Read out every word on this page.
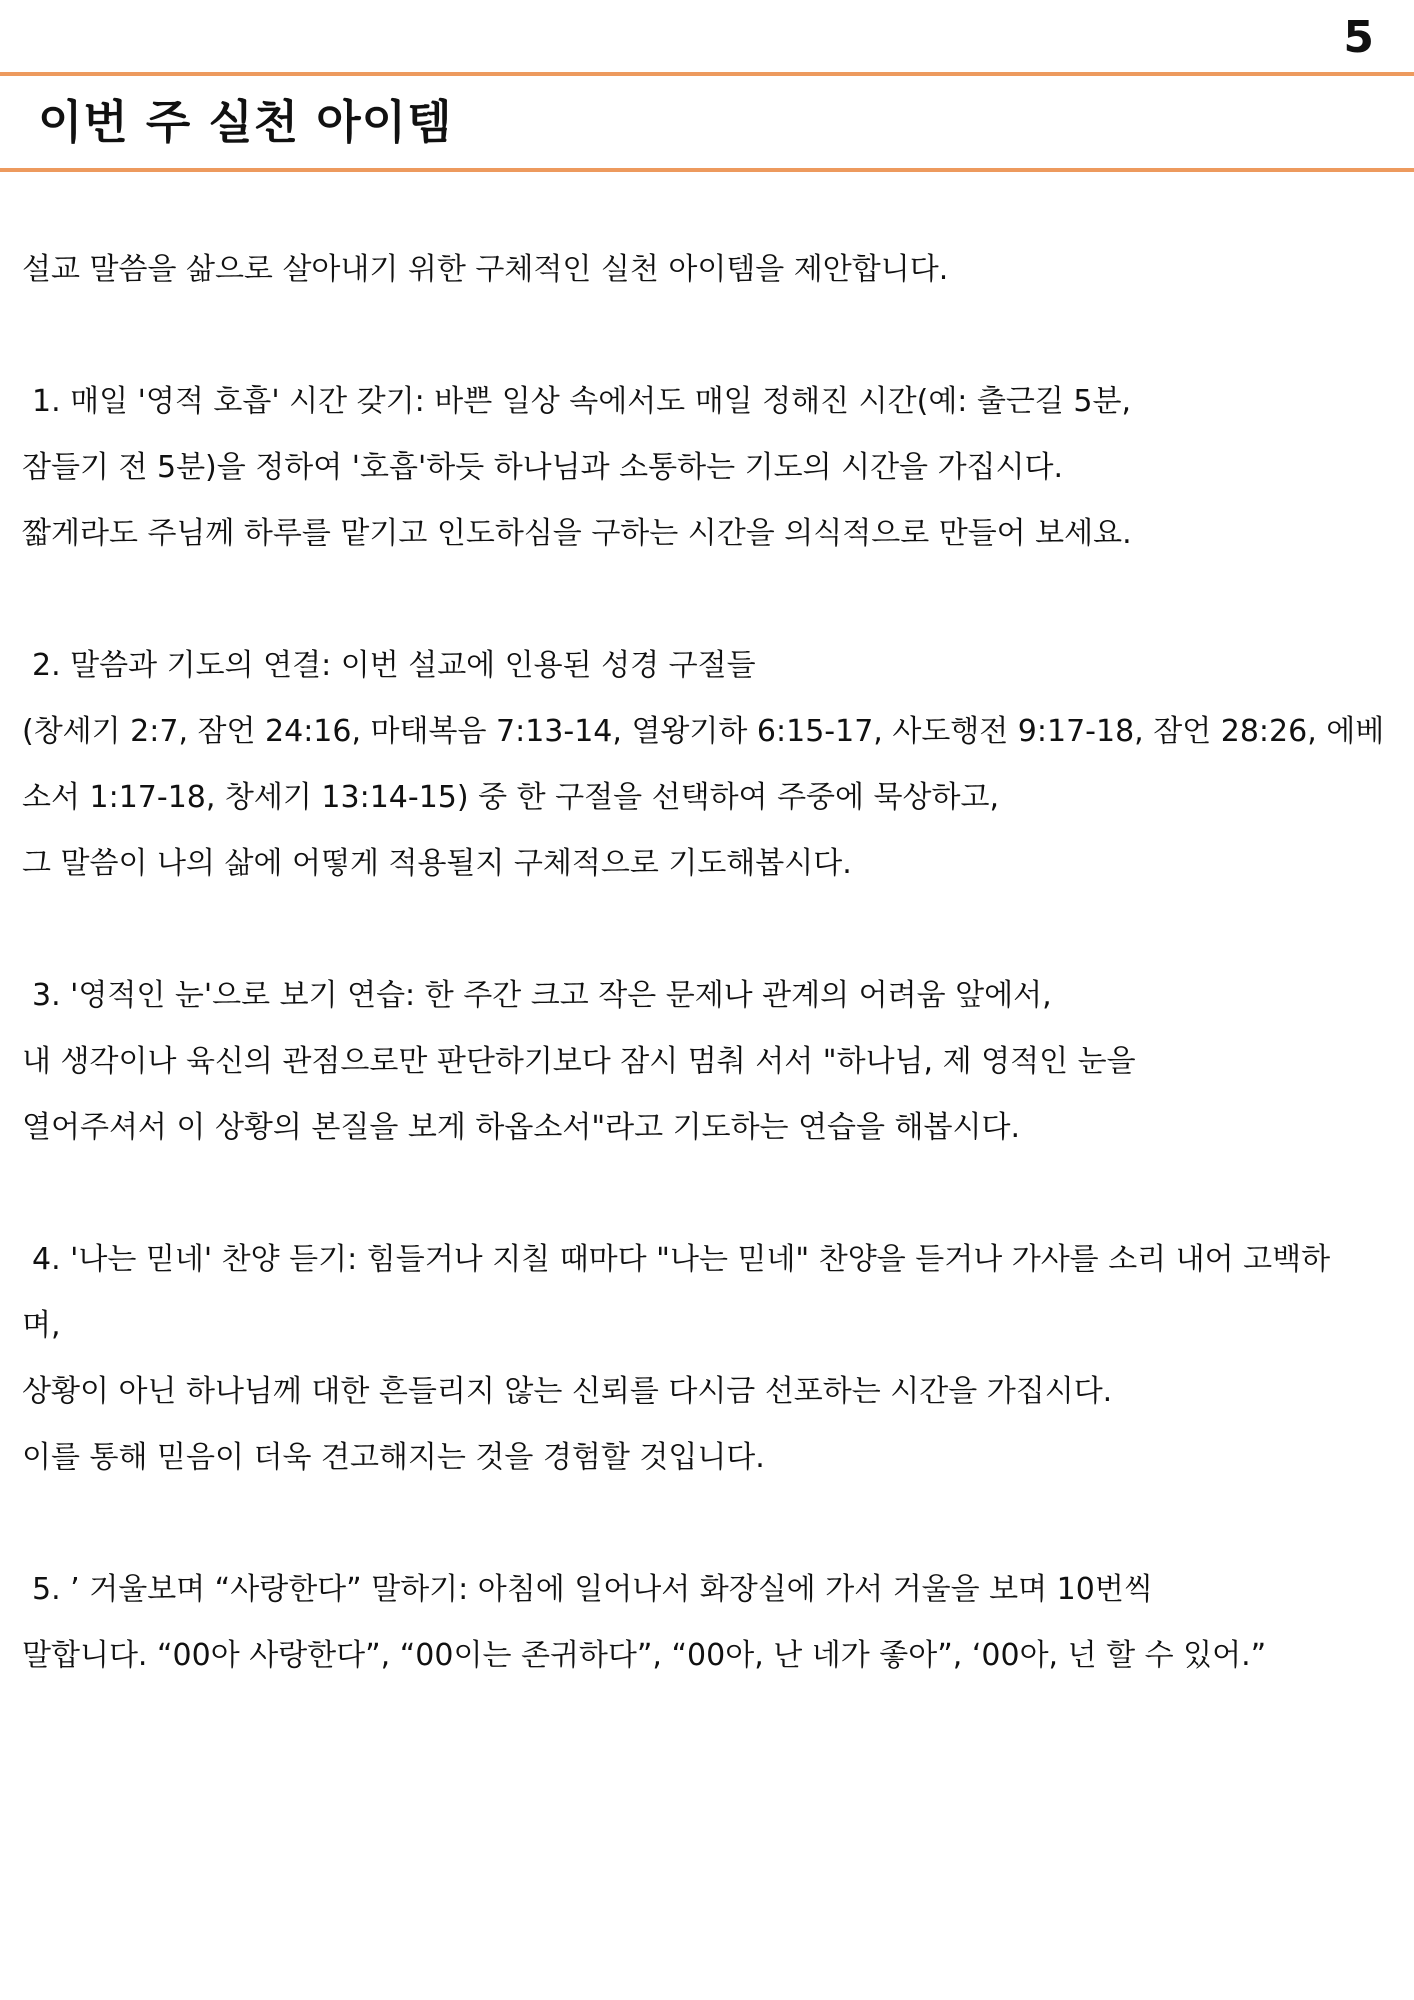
5
이번 주 실천 아이템

설교 말씀을 삶으로 살아내기 위한 구체적인 실천 아이템을 제안합니다.

1. 매일 '영적 호흡' 시간 갖기: 바쁜 일상 속에서도 매일 정해진 시간(예: 출근길 5분,

잠들기 전 5분)을 정하여 '호흡'하듯 하나님과 소통하는 기도의 시간을 가집시다.

짧게라도 주님께 하루를 맡기고 인도하심을 구하는 시간을 의식적으로 만들어 보세요.

2. 말씀과 기도의 연결: 이번 설교에 인용된 성경 구절들

(창세기 2:7, 잠언 24:16, 마태복음 7:13-14, 열왕기하 6:15-17, 사도행전 9:17-18, 잠언 28:26, 에베

소서 1:17-18, 창세기 13:14-15) 중 한 구절을 선택하여 주중에 묵상하고,

그 말씀이 나의 삶에 어떻게 적용될지 구체적으로 기도해봅시다.

3. '영적인 눈'으로 보기 연습: 한 주간 크고 작은 문제나 관계의 어려움 앞에서,

내 생각이나 육신의 관점으로만 판단하기보다 잠시 멈춰 서서 "하나님, 제 영적인 눈을

열어주셔서 이 상황의 본질을 보게 하옵소서"라고 기도하는 연습을 해봅시다.

4. '나는 믿네' 찬양 듣기: 힘들거나 지칠 때마다 "나는 믿네" 찬양을 듣거나 가사를 소리 내어 고백하

며,

상황이 아닌 하나님께 대한 흔들리지 않는 신뢰를 다시금 선포하는 시간을 가집시다.

이를 통해 믿음이 더욱 견고해지는 것을 경험할 것입니다.

5. ’ 거울보며 “사랑한다” 말하기: 아침에 일어나서 화장실에 가서 거울을 보며 10번씩

말합니다. “00아 사랑한다”, “00이는 존귀하다”, “00아, 난 네가 좋아”, ‘00아, 넌 할 수 있어.”
